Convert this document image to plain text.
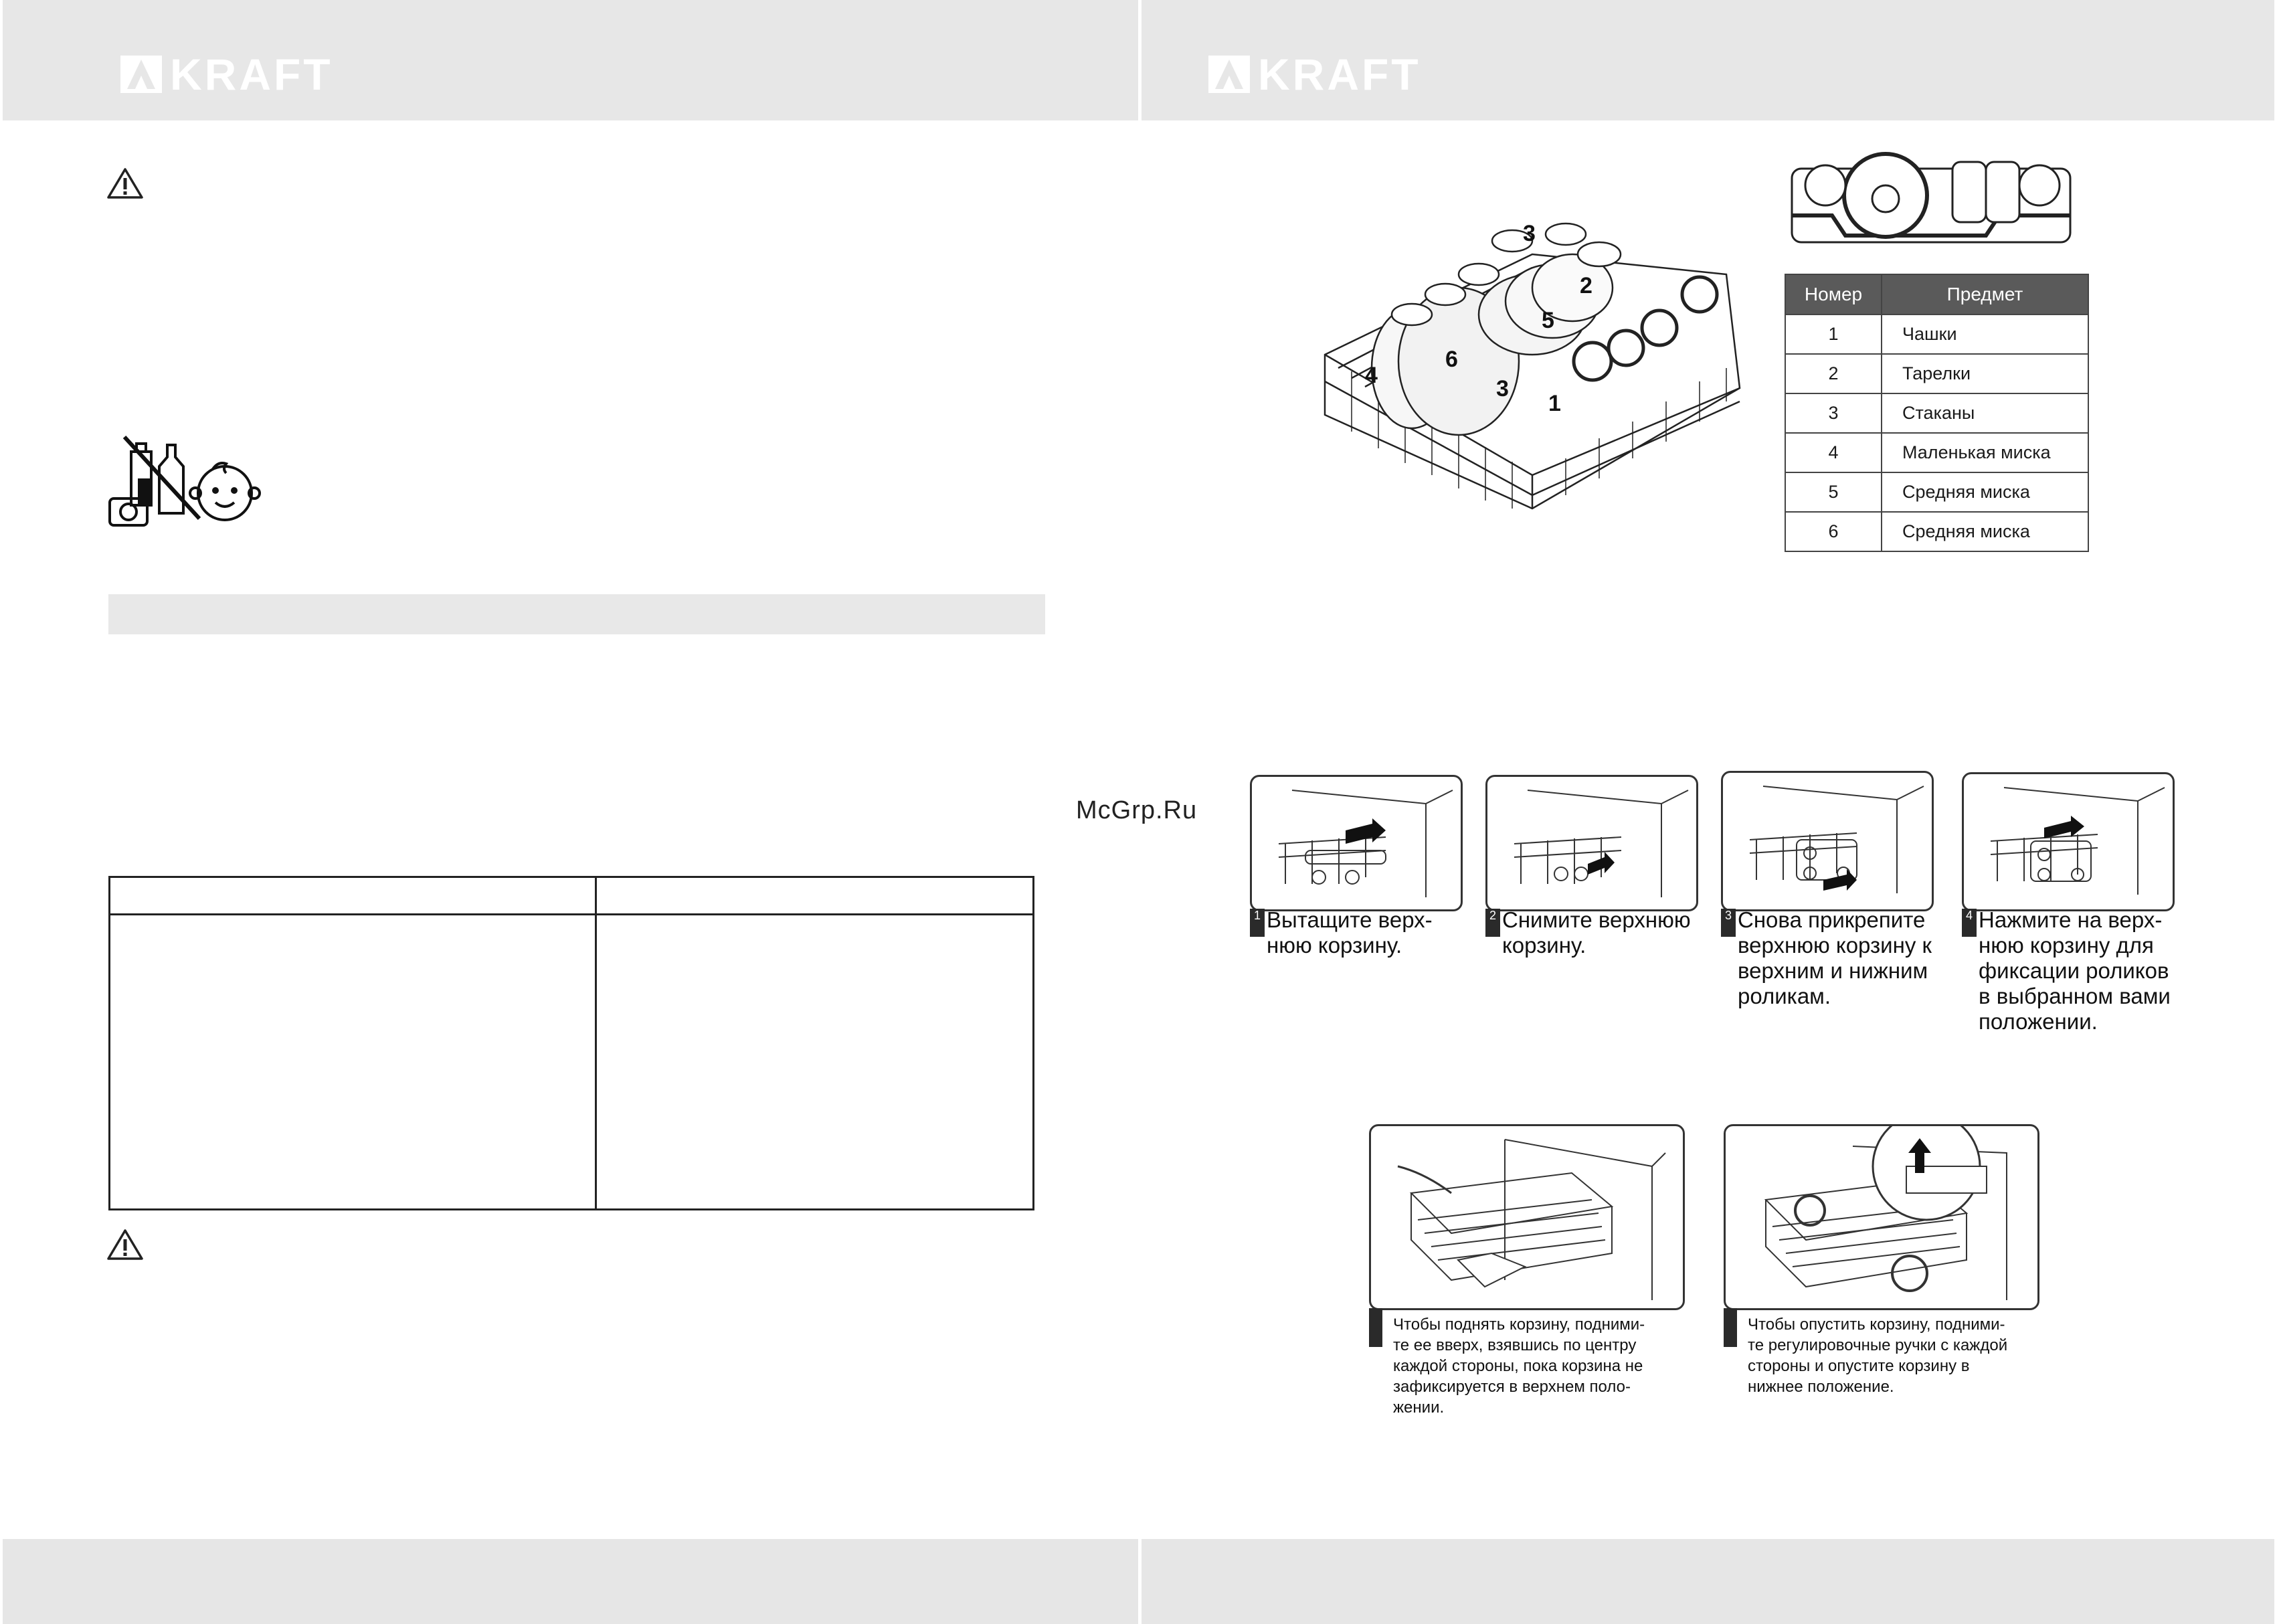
KRAFT	KRAFT

McGrp.Ru
3
2
5
6
4
3
1
Номер	Предмет
1	Чашки
2	Тарелки
3	Стаканы
4	Маленькая миска
5	Средняя миска
6	Средняя миска
1 Вытащите верх-
нюю корзину.
2 Снимите верхнюю
корзину.
3 Снова прикрепите
верхнюю корзину к
верхним и нижним
роликам.
4 Нажмите на верх-
нюю корзину для
фиксации роликов
в выбранном вами
положении.
Чтобы поднять корзину, подними-
те ее вверх, взявшись по центру
каждой стороны, пока корзина не
зафиксируется в верхнем поло-
жении.
Чтобы опустить корзину, подними-
те регулировочные ручки с каждой
стороны и опустите корзину в
нижнее положение.
